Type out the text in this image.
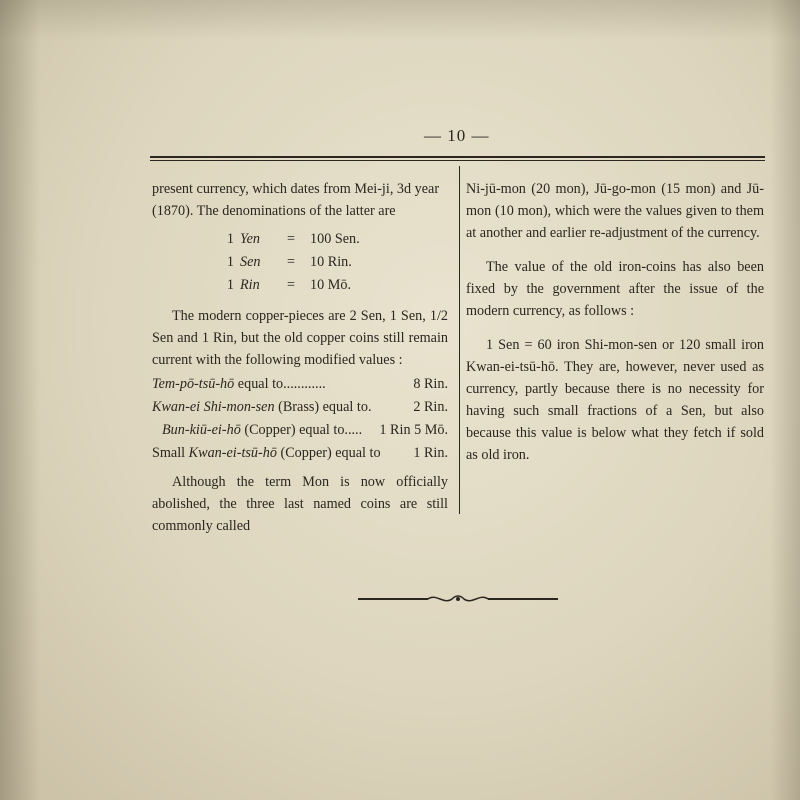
— 10 —

present currency, which dates from Mei-ji, 3d year

(1870). The denominations of the latter are

1 Yen	=	100 Sen.
1 Sen	=	10 Rin.
1 Rin	=	10 Mō.

The modern copper-pieces are 2 Sen, 1 Sen, 1/2 Sen and 1 Rin, but the old copper coins still remain current with the following modified values :

Tem-pō-tsū-hō equal to............	8 Rin.
Kwan-ei Shi-mon-sen (Brass) equal to.	2 Rin.
Bun-kiū-ei-hō (Copper) equal to..... 1 Rin 5 Mō.
Small Kwan-ei-tsū-hō (Copper) equal to 1 Rin.

Although the term Mon is now officially abolished, the three last named coins are still commonly called

Ni-jū-mon (20 mon), Jū-go-mon (15 mon) and Jū-mon (10 mon), which were the values given to them at another and earlier re-adjustment of the currency.

The value of the old iron-coins has also been fixed by the government after the issue of the modern currency, as follows :

1 Sen = 60 iron Shi-mon-sen or 120 small iron Kwan-ei-tsū-hō. They are, however, never used as currency, partly because there is no necessity for having such small fractions of a Sen, but also because this value is below what they fetch if sold as old iron.
